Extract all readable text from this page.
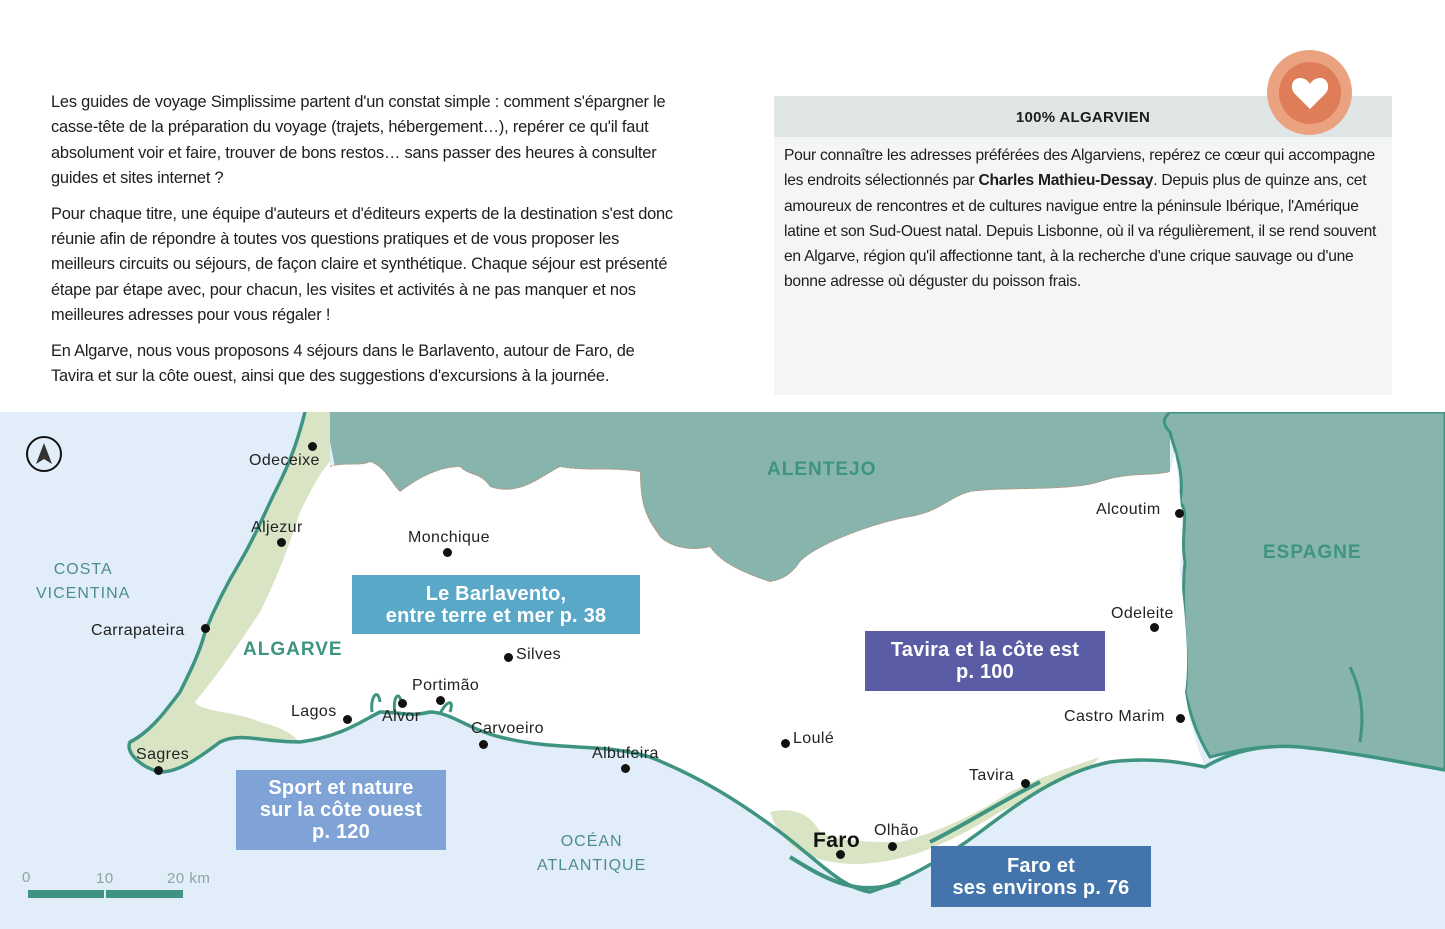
Les guides de voyage Simplissime partent d'un constat simple : comment s'épargner le casse-tête de la préparation du voyage (trajets, hébergement…), repérer ce qu'il faut absolument voir et faire, trouver de bons restos… sans passer des heures à consulter guides et sites internet ?

Pour chaque titre, une équipe d'auteurs et d'éditeurs experts de la destination s'est donc réunie afin de répondre à toutes vos questions pratiques et de vous proposer les meilleurs circuits ou séjours, de façon claire et synthétique. Chaque séjour est présenté étape par étape avec, pour chacun, les visites et activités à ne pas manquer et nos meilleures adresses pour vous régaler !

En Algarve, nous vous proposons 4 séjours dans le Barlavento, autour de Faro, de Tavira et sur la côte ouest, ainsi que des suggestions d'excursions à la journée.

100% ALGARVIEN
Pour connaître les adresses préférées des Algarviens, repérez ce cœur qui accompagne les endroits sélectionnés par Charles Mathieu-Dessay. Depuis plus de quinze ans, cet amoureux de rencontres et de cultures navigue entre la péninsule Ibérique, l'Amérique latine et son Sud-Ouest natal. Depuis Lisbonne, où il va régulièrement, il se rend souvent en Algarve, région qu'il affectionne tant, à la recherche d'une crique sauvage ou d'une bonne adresse où déguster du poisson frais.
ALENTEJO
ESPAGNE
ALGARVE
COSTA
VICENTINA
OCÉAN
ATLANTIQUE
Odeceixe
Aljezur
Monchique
Carrapateira
Silves
Portimão
Alvor
Lagos
Carvoeiro
Sagres	Albufeira
Loulé
Faro Olhão
Tavira
Castro Marim
Odeleite
Alcoutim
Le Barlavento,
entre terre et mer p. 38
Tavira et la côte est
p. 100
Sport et nature
sur la côte ouest
p. 120
Faro et
ses environs p. 76
0	10	20 km
